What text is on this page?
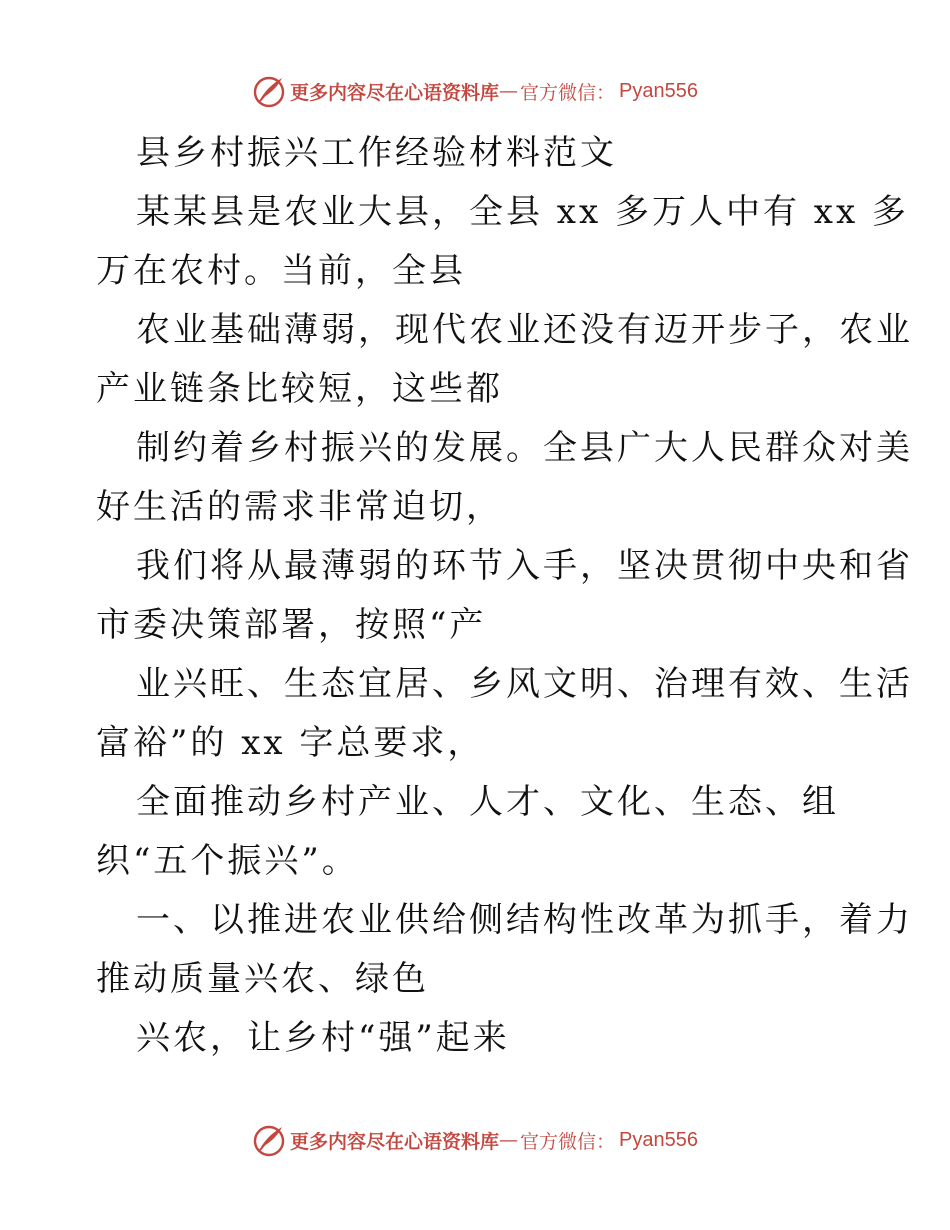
更多内容尽在心语资料库 — 官方微信： Pyan556
县乡村振兴工作经验材料范文
某某县是农业大县，全县 xx 多万人中有 xx 多
万在农村。当前，全县
农业基础薄弱，现代农业还没有迈开步子，农业
产业链条比较短，这些都
制约着乡村振兴的发展。全县广大人民群众对美
好生活的需求非常迫切，
我们将从最薄弱的环节入手，坚决贯彻中央和省
市委决策部署，按照“产
业兴旺、生态宜居、乡风文明、治理有效、生活
富裕”的 xx 字总要求，
全面推动乡村产业、人才、文化、生态、组
织“五个振兴”。
一、以推进农业供给侧结构性改革为抓手，着力
推动质量兴农、绿色
兴农，让乡村“强”起来
更多内容尽在心语资料库 — 官方微信： Pyan556
